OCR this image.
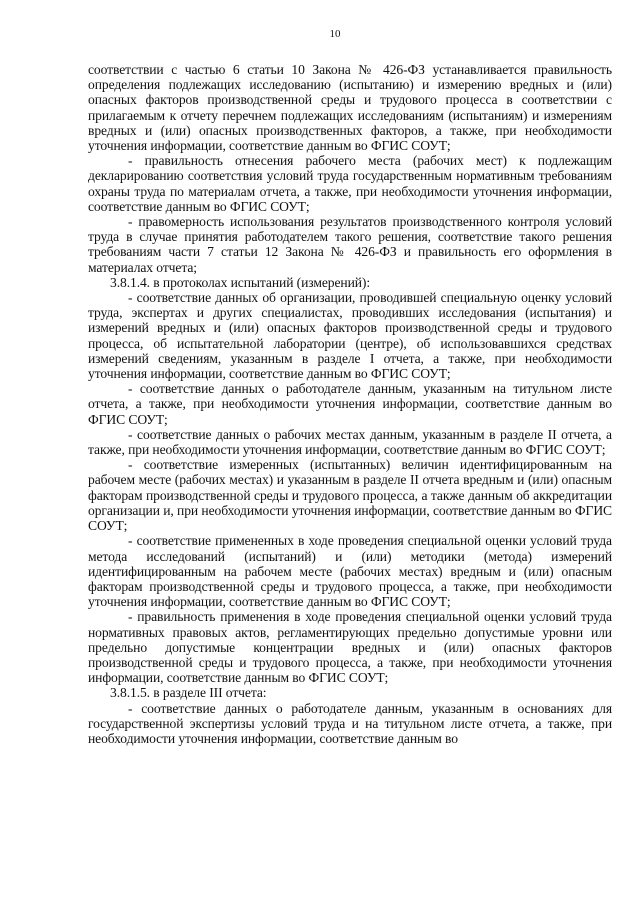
10

соответствии с частью 6 статьи 10 Закона № 426-ФЗ устанавливается правильность определения подлежащих исследованию (испытанию) и измерению вредных и (или) опасных факторов производственной среды и трудового процесса в соответствии с прилагаемым к отчету перечнем подлежащих исследованиям (испытаниям) и измерениям вредных и (или) опасных производственных факторов, а также, при необходимости уточнения информации, соответствие данным во ФГИС СОУТ;

- правильность отнесения рабочего места (рабочих мест) к подлежащим декларированию соответствия условий труда государственным нормативным требованиям охраны труда по материалам отчета, а также, при необходимости уточнения информации, соответствие данным во ФГИС СОУТ;

- правомерность использования результатов производственного контроля условий труда в случае принятия работодателем такого решения, соответствие такого решения требованиям части 7 статьи 12 Закона № 426-ФЗ и правильность его оформления в материалах отчета;

3.8.1.4. в протоколах испытаний (измерений):

- соответствие данных об организации, проводившей специальную оценку условий труда, экспертах и других специалистах, проводивших исследования (испытания) и измерений вредных и (или) опасных факторов производственной среды и трудового процесса, об испытательной лаборатории (центре), об использовавшихся средствах измерений сведениям, указанным в разделе I отчета, а также, при необходимости уточнения информации, соответствие данным во ФГИС СОУТ;

- соответствие данных о работодателе данным, указанным на титульном листе отчета, а также, при необходимости уточнения информации, соответствие данным во ФГИС СОУТ;

- соответствие данных о рабочих местах данным, указанным в разделе II отчета, а также, при необходимости уточнения информации, соответствие данным во ФГИС СОУТ;

- соответствие измеренных (испытанных) величин идентифицированным на рабочем месте (рабочих местах) и указанным в разделе II отчета вредным и (или) опасным факторам производственной среды и трудового процесса, а также данным об аккредитации организации и, при необходимости уточнения информации, соответствие данным во ФГИС СОУТ;

- соответствие примененных в ходе проведения специальной оценки условий труда метода исследований (испытаний) и (или) методики (метода) измерений идентифицированным на рабочем месте (рабочих местах) вредным и (или) опасным факторам производственной среды и трудового процесса, а также, при необходимости уточнения информации, соответствие данным во ФГИС СОУТ;

- правильность применения в ходе проведения специальной оценки условий труда нормативных правовых актов, регламентирующих предельно допустимые уровни или предельно допустимые концентрации вредных и (или) опасных факторов производственной среды и трудового процесса, а также, при необходимости уточнения информации, соответствие данным во ФГИС СОУТ;

3.8.1.5. в разделе III отчета:

- соответствие данных о работодателе данным, указанным в основаниях для государственной экспертизы условий труда и на титульном листе отчета, а также, при необходимости уточнения информации, соответствие данным во
